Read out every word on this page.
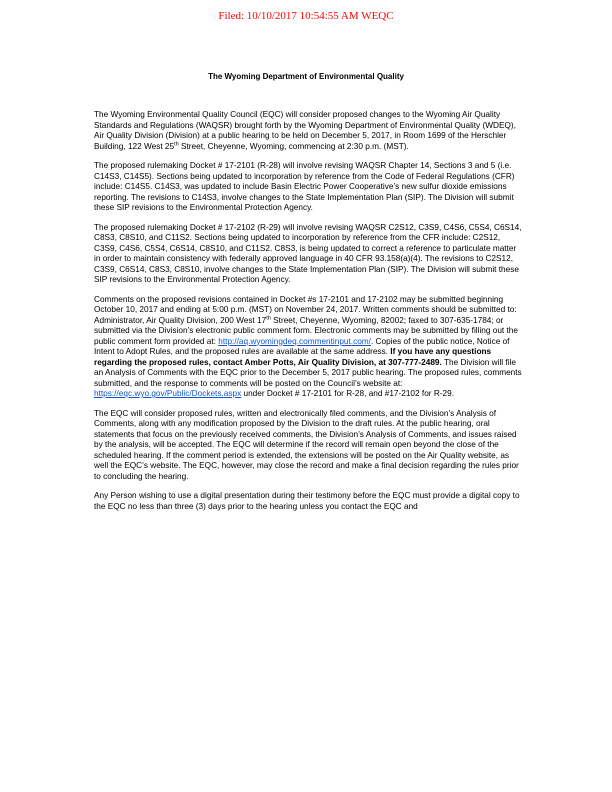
Filed: 10/10/2017 10:54:55 AM WEQC
The Wyoming Department of Environmental Quality

The Wyoming Environmental Quality Council (EQC) will consider proposed changes to the Wyoming Air Quality Standards and Regulations (WAQSR) brought forth by the Wyoming Department of Environmental Quality (WDEQ), Air Quality Division (Division) at a public hearing to be held on December 5, 2017, in Room 1699 of the Herschler Building, 122 West 25th Street, Cheyenne, Wyoming, commencing at 2:30 p.m. (MST).

The proposed rulemaking Docket # 17-2101 (R-28) will involve revising WAQSR Chapter 14, Sections 3 and 5 (i.e. C14S3, C14S5). Sections being updated to incorporation by reference from the Code of Federal Regulations (CFR) include: C14S5. C14S3, was updated to include Basin Electric Power Cooperative’s new sulfur dioxide emissions reporting. The revisions to C14S3, involve changes to the State Implementation Plan (SIP). The Division will submit these SIP revisions to the Environmental Protection Agency.

The proposed rulemaking Docket # 17-2102 (R-29) will involve revising WAQSR C2S12, C3S9, C4S6, C5S4, C6S14, C8S3, C8S10, and C11S2. Sections being updated to incorporation by reference from the CFR include: C2S12, C3S9, C4S6, C5S4, C6S14, C8S10, and C11S2. C8S3, is being updated to correct a reference to particulate matter in order to maintain consistency with federally approved language in 40 CFR 93.158(a)(4). The revisions to C2S12, C3S9, C6S14, C8S3, C8S10, involve changes to the State Implementation Plan (SIP). The Division will submit these SIP revisions to the Environmental Protection Agency.

Comments on the proposed revisions contained in Docket #s 17-2101 and 17-2102 may be submitted beginning October 10, 2017 and ending at 5:00 p.m. (MST) on November 24, 2017. Written comments should be submitted to: Administrator, Air Quality Division, 200 West 17th Street, Cheyenne, Wyoming, 82002; faxed to 307-635-1784; or submitted via the Division’s electronic public comment form. Electronic comments may be submitted by filling out the public comment form provided at: http://aq.wyomingdeq.commentinput.com/. Copies of the public notice, Notice of Intent to Adopt Rules, and the proposed rules are available at the same address. If you have any questions regarding the proposed rules, contact Amber Potts, Air Quality Division, at 307-777-2489. The Division will file an Analysis of Comments with the EQC prior to the December 5, 2017 public hearing. The proposed rules, comments submitted, and the response to comments will be posted on the Council’s website at: https://eqc.wyo.gov/Public/Dockets.aspx under Docket # 17-2101 for R-28, and #17-2102 for R-29.

The EQC will consider proposed rules, written and electronically filed comments, and the Division’s Analysis of Comments, along with any modification proposed by the Division to the draft rules. At the public hearing, oral statements that focus on the previously received comments, the Division’s Analysis of Comments, and issues raised by the analysis, will be accepted. The EQC will determine if the record will remain open beyond the close of the scheduled hearing. If the comment period is extended, the extensions will be posted on the Air Quality website, as well the EQC’s website. The EQC, however, may close the record and make a final decision regarding the rules prior to concluding the hearing.

Any Person wishing to use a digital presentation during their testimony before the EQC must provide a digital copy to the EQC no less than three (3) days prior to the hearing unless you contact the EQC and
